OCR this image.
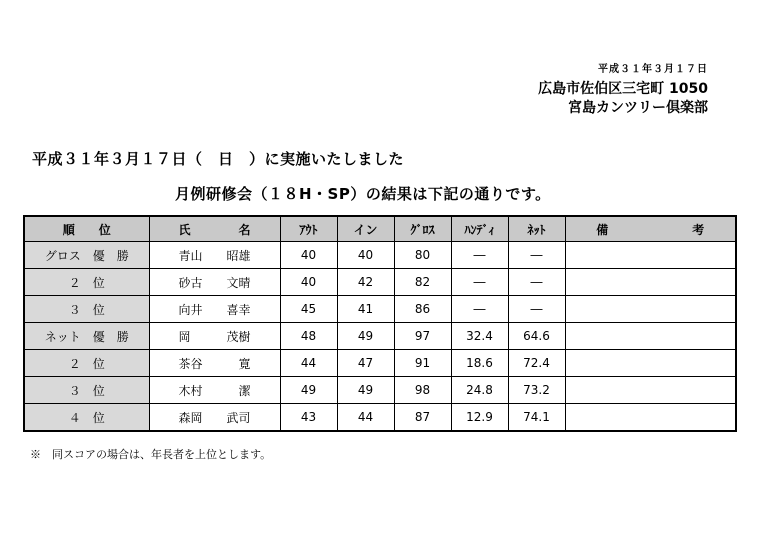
平成３１年３月１７日
広島市佐伯区三宅町 1050
宮島カンツリー倶楽部
平成３１年３月１７日（　日　）に実施いたしました
月例研修会（１８H・SP）の結果は下記の通りです。
順　　位	氏　　　　名	ｱｳﾄ	イン	ｸﾞﾛｽ	ﾊﾝﾃﾞｨ	ﾈｯﾄ	備　　　　　　　考
グロス　優　勝	青山　　昭雄	40	40	80	―	―	
２　位	砂古　　文晴	40	42	82	―	―	
３　位	向井　　喜幸	45	41	86	―	―	
ネット　優　勝	岡　　　茂樹	48	49	97	32.4	64.6	
２　位	茶谷　　　寛	44	47	91	18.6	72.4	
３　位	木村　　　潔	49	49	98	24.8	73.2	
４　位	森岡　　武司	43	44	87	12.9	74.1	
※　同スコアの場合は、年長者を上位とします。
